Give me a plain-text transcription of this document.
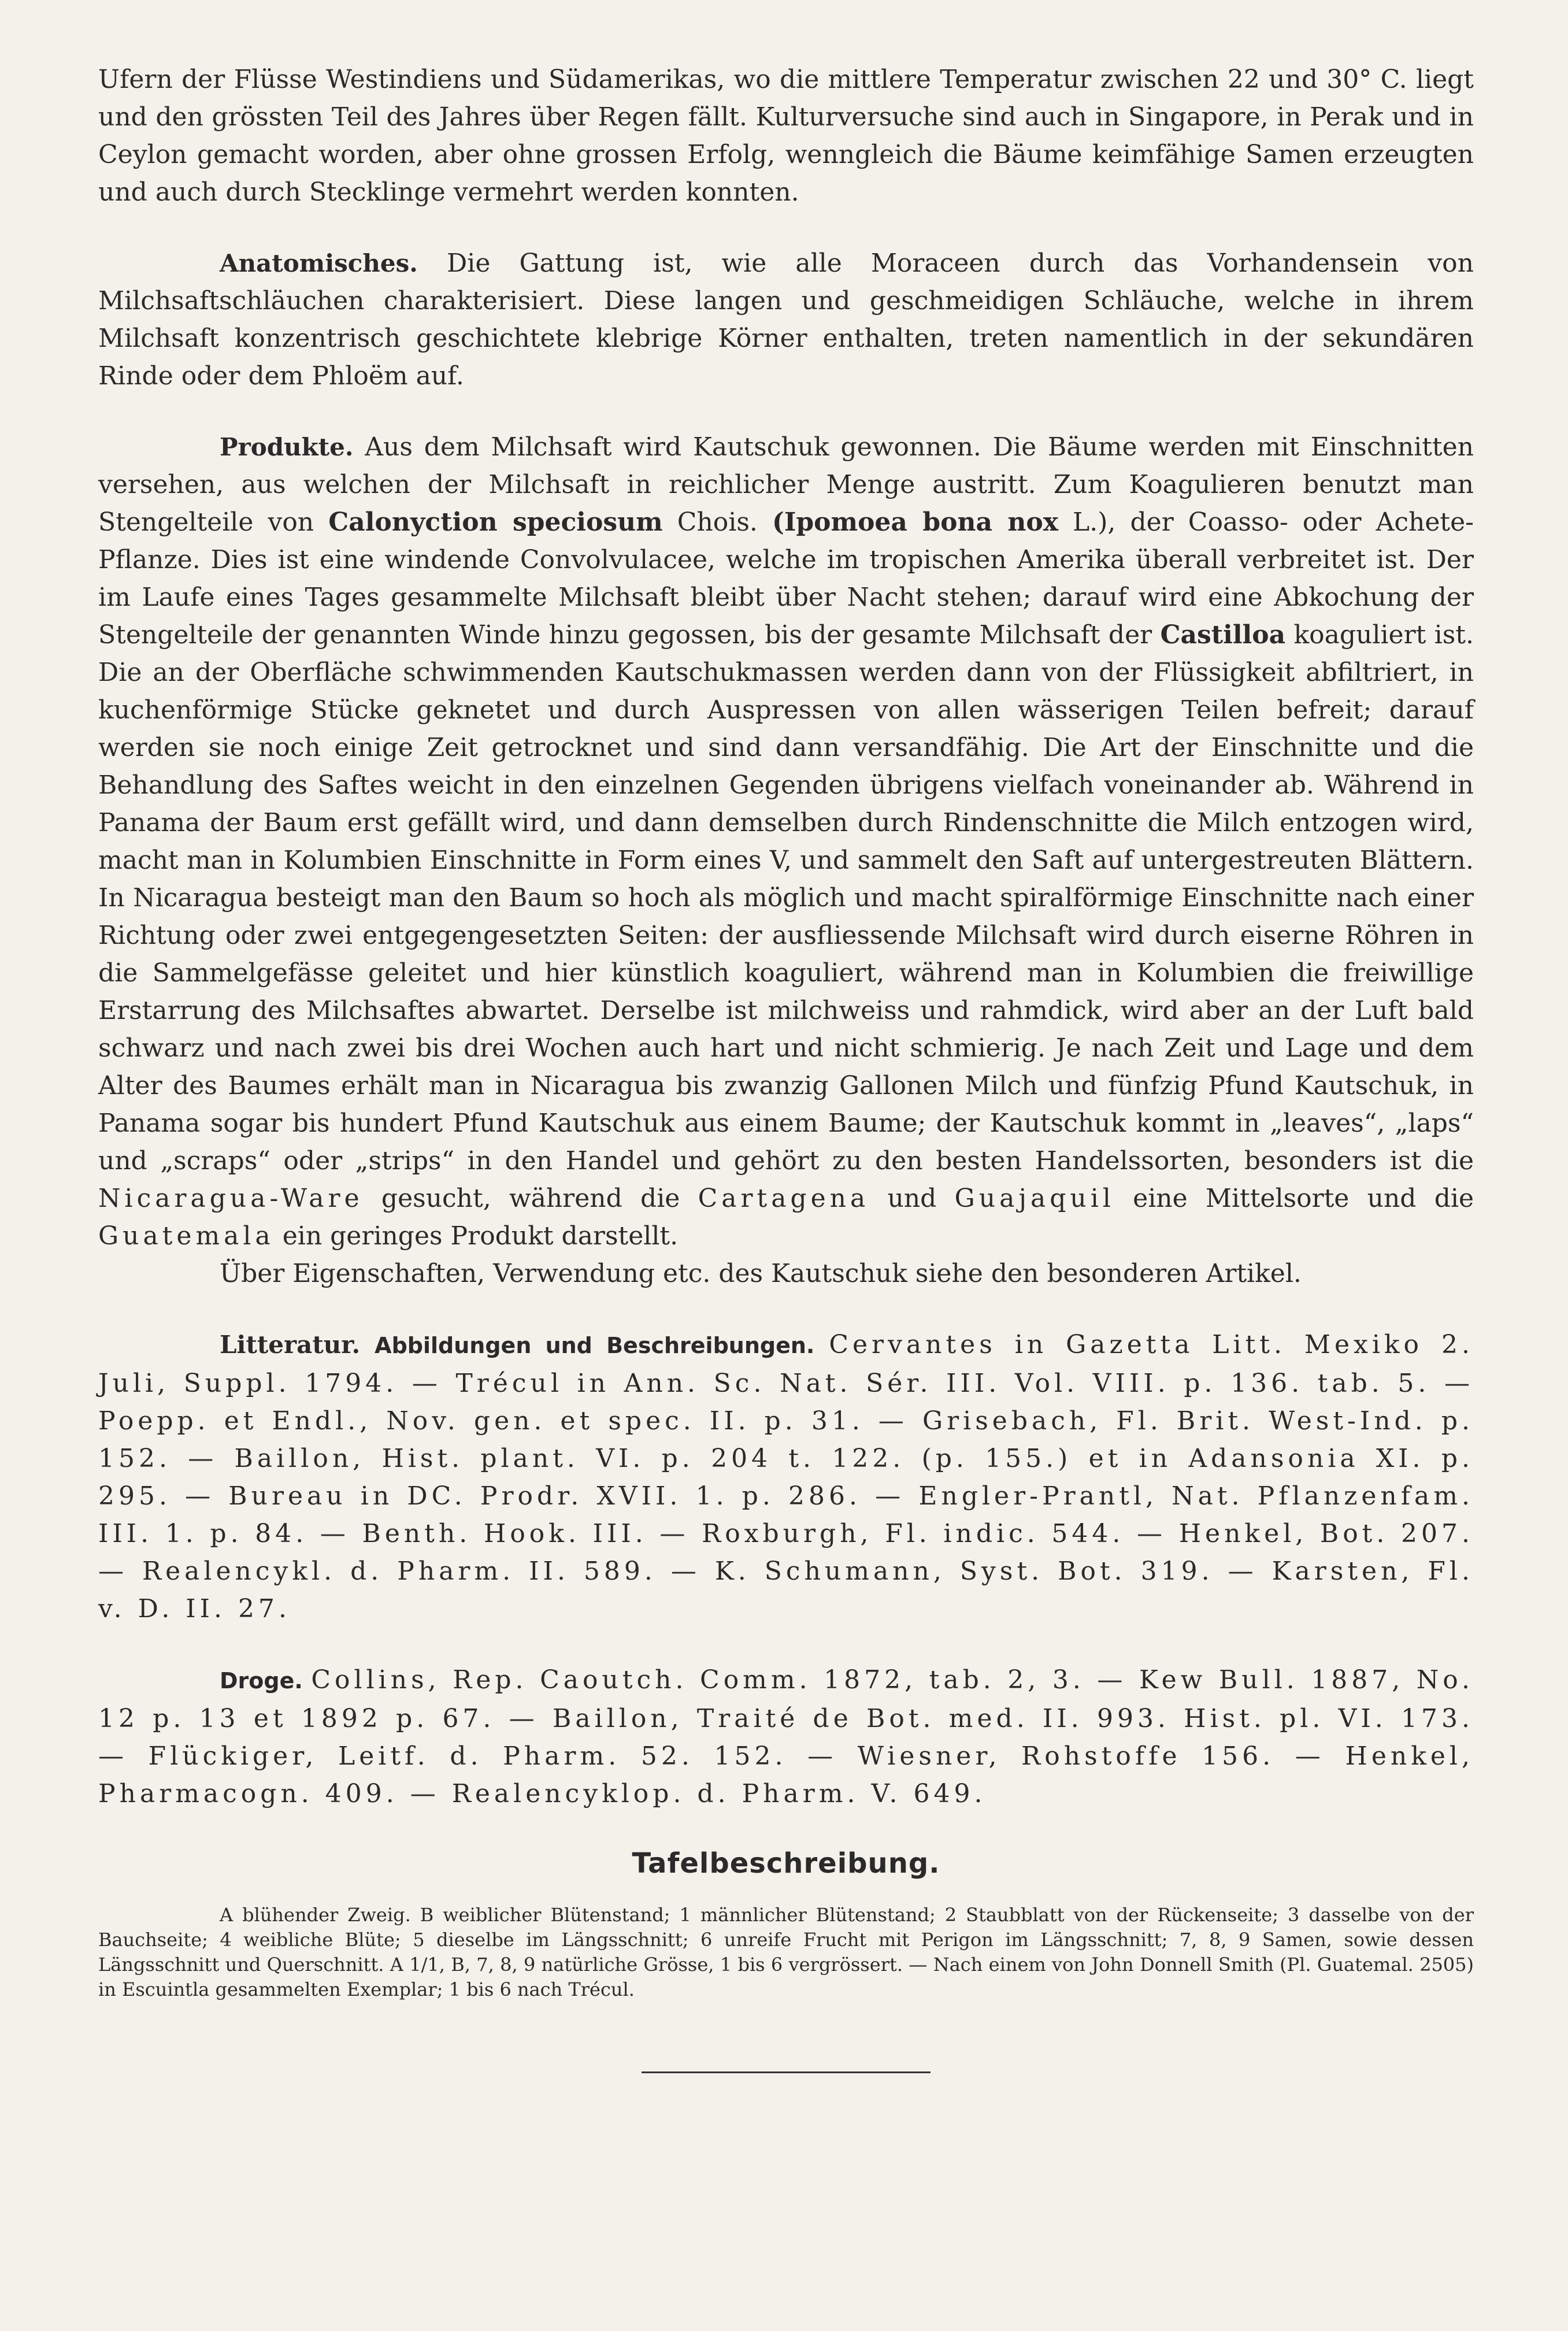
Ufern der Flüsse Westindiens und Südamerikas, wo die mittlere Temperatur zwischen 22 und 30° C. liegt und den grössten Teil des Jahres über Regen fällt. Kulturversuche sind auch in Singapore, in Perak und in Ceylon gemacht worden, aber ohne grossen Erfolg, wenngleich die Bäume keimfähige Samen erzeugten und auch durch Stecklinge vermehrt werden konnten.

Anatomisches. Die Gattung ist, wie alle Moraceen durch das Vorhandensein von Milchsaftschläuchen charakterisiert. Diese langen und geschmeidigen Schläuche, welche in ihrem Milchsaft konzentrisch geschichtete klebrige Körner enthalten, treten namentlich in der sekundären Rinde oder dem Phloëm auf.

Produkte. Aus dem Milchsaft wird Kautschuk gewonnen. Die Bäume werden mit Einschnitten versehen, aus welchen der Milchsaft in reichlicher Menge austritt. Zum Koagulieren benutzt man Stengelteile von Calonyction speciosum Chois. (Ipomoea bona nox L.), der Coasso- oder Achete-Pflanze. Dies ist eine windende Convolvulacee, welche im tropischen Amerika überall verbreitet ist. Der im Laufe eines Tages gesammelte Milchsaft bleibt über Nacht stehen; darauf wird eine Abkochung der Stengelteile der genannten Winde hinzu gegossen, bis der gesamte Milchsaft der Castilloa koaguliert ist. Die an der Oberfläche schwimmenden Kautschukmassen werden dann von der Flüssigkeit abfiltriert, in kuchenförmige Stücke geknetet und durch Auspressen von allen wässerigen Teilen befreit; darauf werden sie noch einige Zeit getrocknet und sind dann versandfähig. Die Art der Einschnitte und die Behandlung des Saftes weicht in den einzelnen Gegenden übrigens vielfach voneinander ab. Während in Panama der Baum erst gefällt wird, und dann demselben durch Rindenschnitte die Milch entzogen wird, macht man in Kolumbien Einschnitte in Form eines V, und sammelt den Saft auf untergestreuten Blättern. In Nicaragua besteigt man den Baum so hoch als möglich und macht spiralförmige Einschnitte nach einer Richtung oder zwei entgegengesetzten Seiten: der ausfliessende Milchsaft wird durch eiserne Röhren in die Sammelgefässe geleitet und hier künstlich koaguliert, während man in Kolumbien die freiwillige Erstarrung des Milchsaftes abwartet. Derselbe ist milchweiss und rahmdick, wird aber an der Luft bald schwarz und nach zwei bis drei Wochen auch hart und nicht schmierig. Je nach Zeit und Lage und dem Alter des Baumes erhält man in Nicaragua bis zwanzig Gallonen Milch und fünfzig Pfund Kautschuk, in Panama sogar bis hundert Pfund Kautschuk aus einem Baume; der Kautschuk kommt in „leaves“, „laps“ und „scraps“ oder „strips“ in den Handel und gehört zu den besten Handelssorten, besonders ist die Nicaragua-Ware gesucht, während die Cartagena und Guajaquil eine Mittelsorte und die Guatemala ein geringes Produkt darstellt.

Über Eigenschaften, Verwendung etc. des Kautschuk siehe den besonderen Artikel.

Litteratur. Abbildungen und Beschreibungen. Cervantes in Gazetta Litt. Mexiko 2. Juli, Suppl. 1794. — Trécul in Ann. Sc. Nat. Sér. III. Vol. VIII. p. 136. tab. 5. — Poepp. et Endl., Nov. gen. et spec. II. p. 31. — Grisebach, Fl. Brit. West-Ind. p. 152. — Baillon, Hist. plant. VI. p. 204 t. 122. (p. 155.) et in Adansonia XI. p. 295. — Bureau in DC. Prodr. XVII. 1. p. 286. — Engler-Prantl, Nat. Pflanzenfam. III. 1. p. 84. — Benth. Hook. III. — Roxburgh, Fl. indic. 544. — Henkel, Bot. 207. — Realencykl. d. Pharm. II. 589. — K. Schumann, Syst. Bot. 319. — Karsten, Fl. v. D. II. 27.

Droge. Collins, Rep. Caoutch. Comm. 1872, tab. 2, 3. — Kew Bull. 1887, No. 12 p. 13 et 1892 p. 67. — Baillon, Traité de Bot. med. II. 993. Hist. pl. VI. 173. — Flückiger, Leitf. d. Pharm. 52. 152. — Wiesner, Rohstoffe 156. — Henkel, Pharmacogn. 409. — Realencyklop. d. Pharm. V. 649.

Tafelbeschreibung.

A blühender Zweig. B weiblicher Blütenstand; 1 männlicher Blütenstand; 2 Staubblatt von der Rückenseite; 3 dasselbe von der Bauchseite; 4 weibliche Blüte; 5 dieselbe im Längsschnitt; 6 unreife Frucht mit Perigon im Längsschnitt; 7, 8, 9 Samen, sowie dessen Längsschnitt und Querschnitt. A 1/1, B, 7, 8, 9 natürliche Grösse, 1 bis 6 vergrössert. — Nach einem von John Donnell Smith (Pl. Guatemal. 2505) in Escuintla gesammelten Exemplar; 1 bis 6 nach Trécul.
